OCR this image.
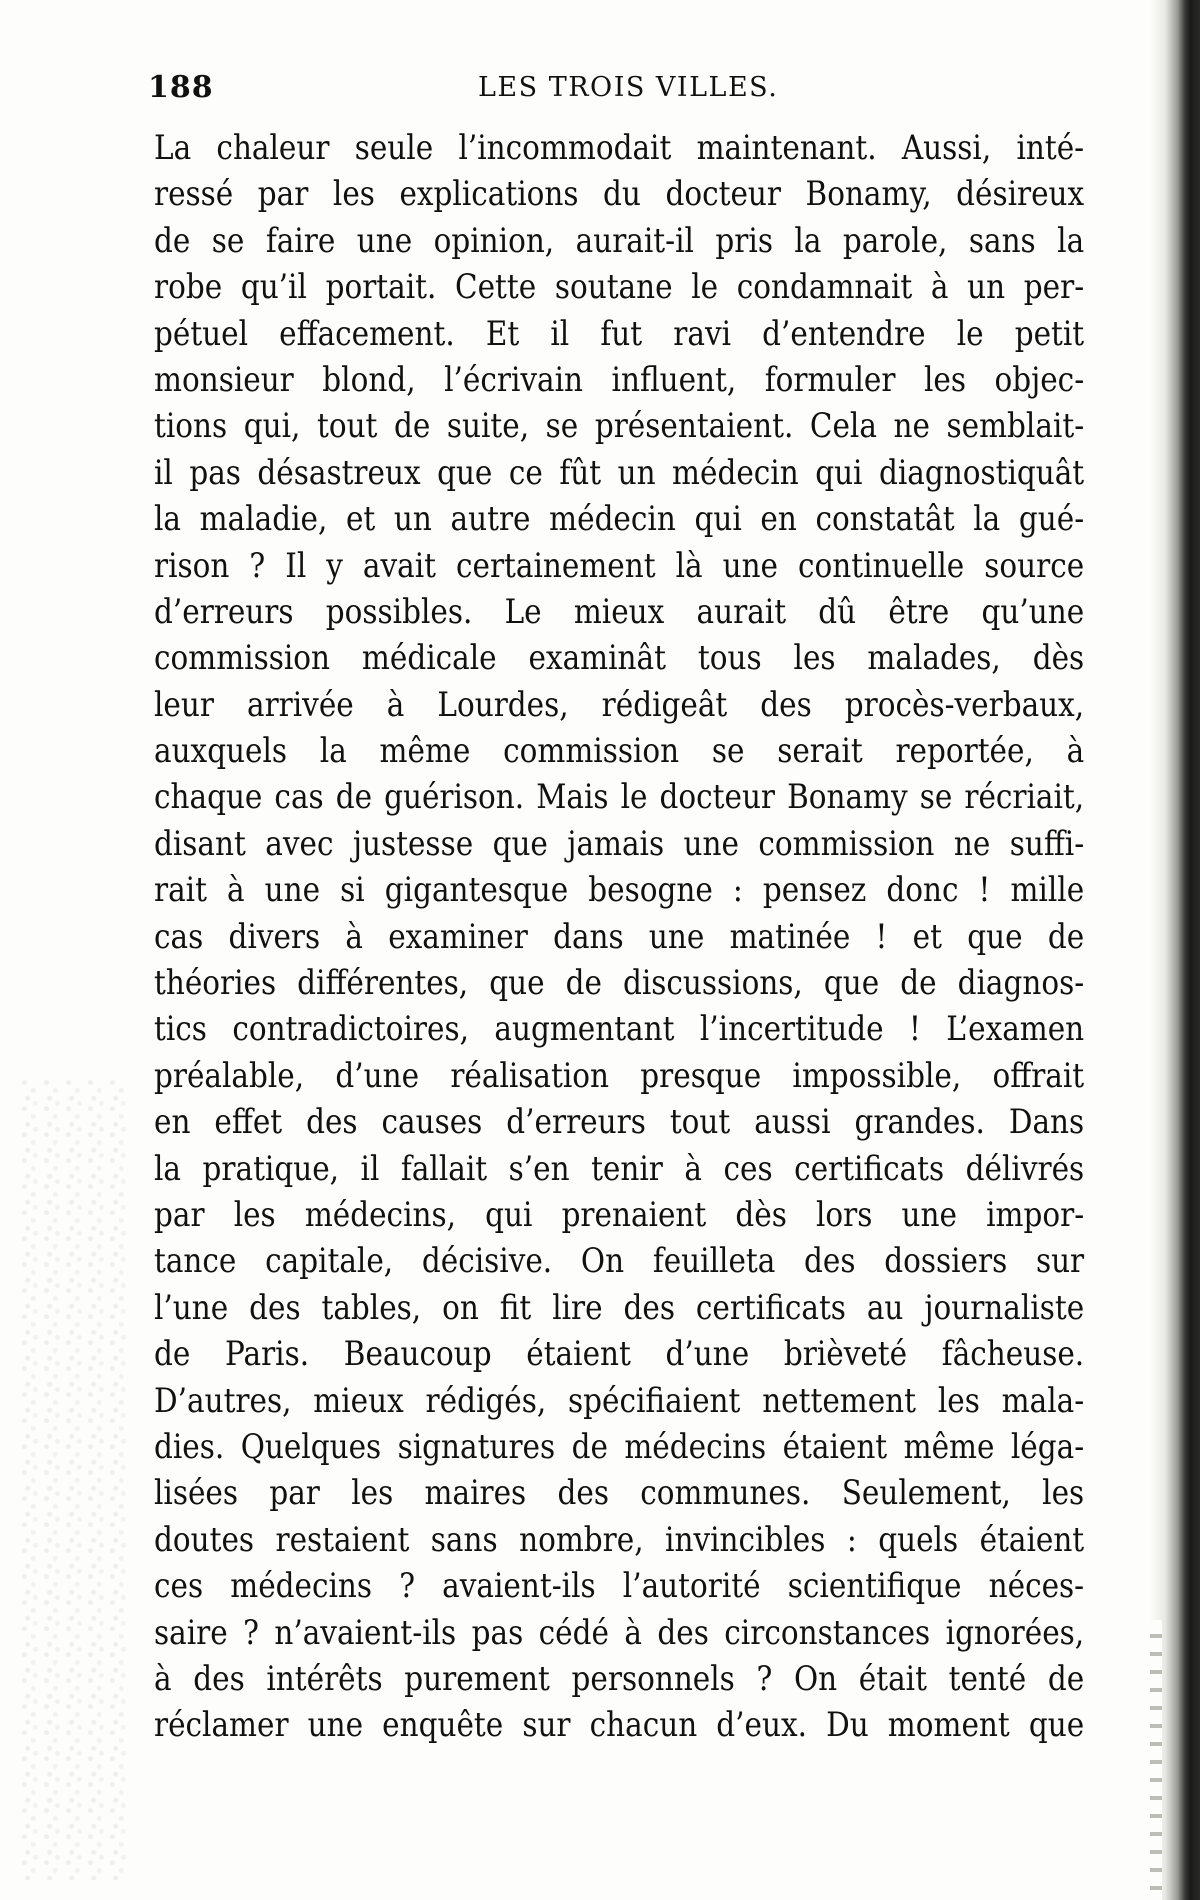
188	LES TROIS VILLES.
La chaleur seule l’incommodait maintenant. Aussi, inté-
ressé par les explications du docteur Bonamy, désireux
de se faire une opinion, aurait-il pris la parole, sans la
robe qu’il portait. Cette soutane le condamnait à un per-
pétuel effacement. Et il fut ravi d’entendre le petit
monsieur blond, l’écrivain influent, formuler les objec-
tions qui, tout de suite, se présentaient. Cela ne semblait-
il pas désastreux que ce fût un médecin qui diagnostiquât
la maladie, et un autre médecin qui en constatât la gué-
rison ? Il y avait certainement là une continuelle source
d’erreurs possibles. Le mieux aurait dû être qu’une
commission médicale examinât tous les malades, dès
leur arrivée à Lourdes, rédigeât des procès-verbaux,
auxquels la même commission se serait reportée, à
chaque cas de guérison. Mais le docteur Bonamy se récriait,
disant avec justesse que jamais une commission ne suffi-
rait à une si gigantesque besogne : pensez donc ! mille
cas divers à examiner dans une matinée ! et que de
théories différentes, que de discussions, que de diagnos-
tics contradictoires, augmentant l’incertitude ! L’examen
préalable, d’une réalisation presque impossible, offrait
en effet des causes d’erreurs tout aussi grandes. Dans
la pratique, il fallait s’en tenir à ces certificats délivrés
par les médecins, qui prenaient dès lors une impor-
tance capitale, décisive. On feuilleta des dossiers sur
l’une des tables, on fit lire des certificats au journaliste
de Paris. Beaucoup étaient d’une brièveté fâcheuse.
D’autres, mieux rédigés, spécifiaient nettement les mala-
dies. Quelques signatures de médecins étaient même léga-
lisées par les maires des communes. Seulement, les
doutes restaient sans nombre, invincibles : quels étaient
ces médecins ? avaient-ils l’autorité scientifique néces-
saire ? n’avaient-ils pas cédé à des circonstances ignorées,
à des intérêts purement personnels ? On était tenté de
réclamer une enquête sur chacun d’eux. Du moment que
